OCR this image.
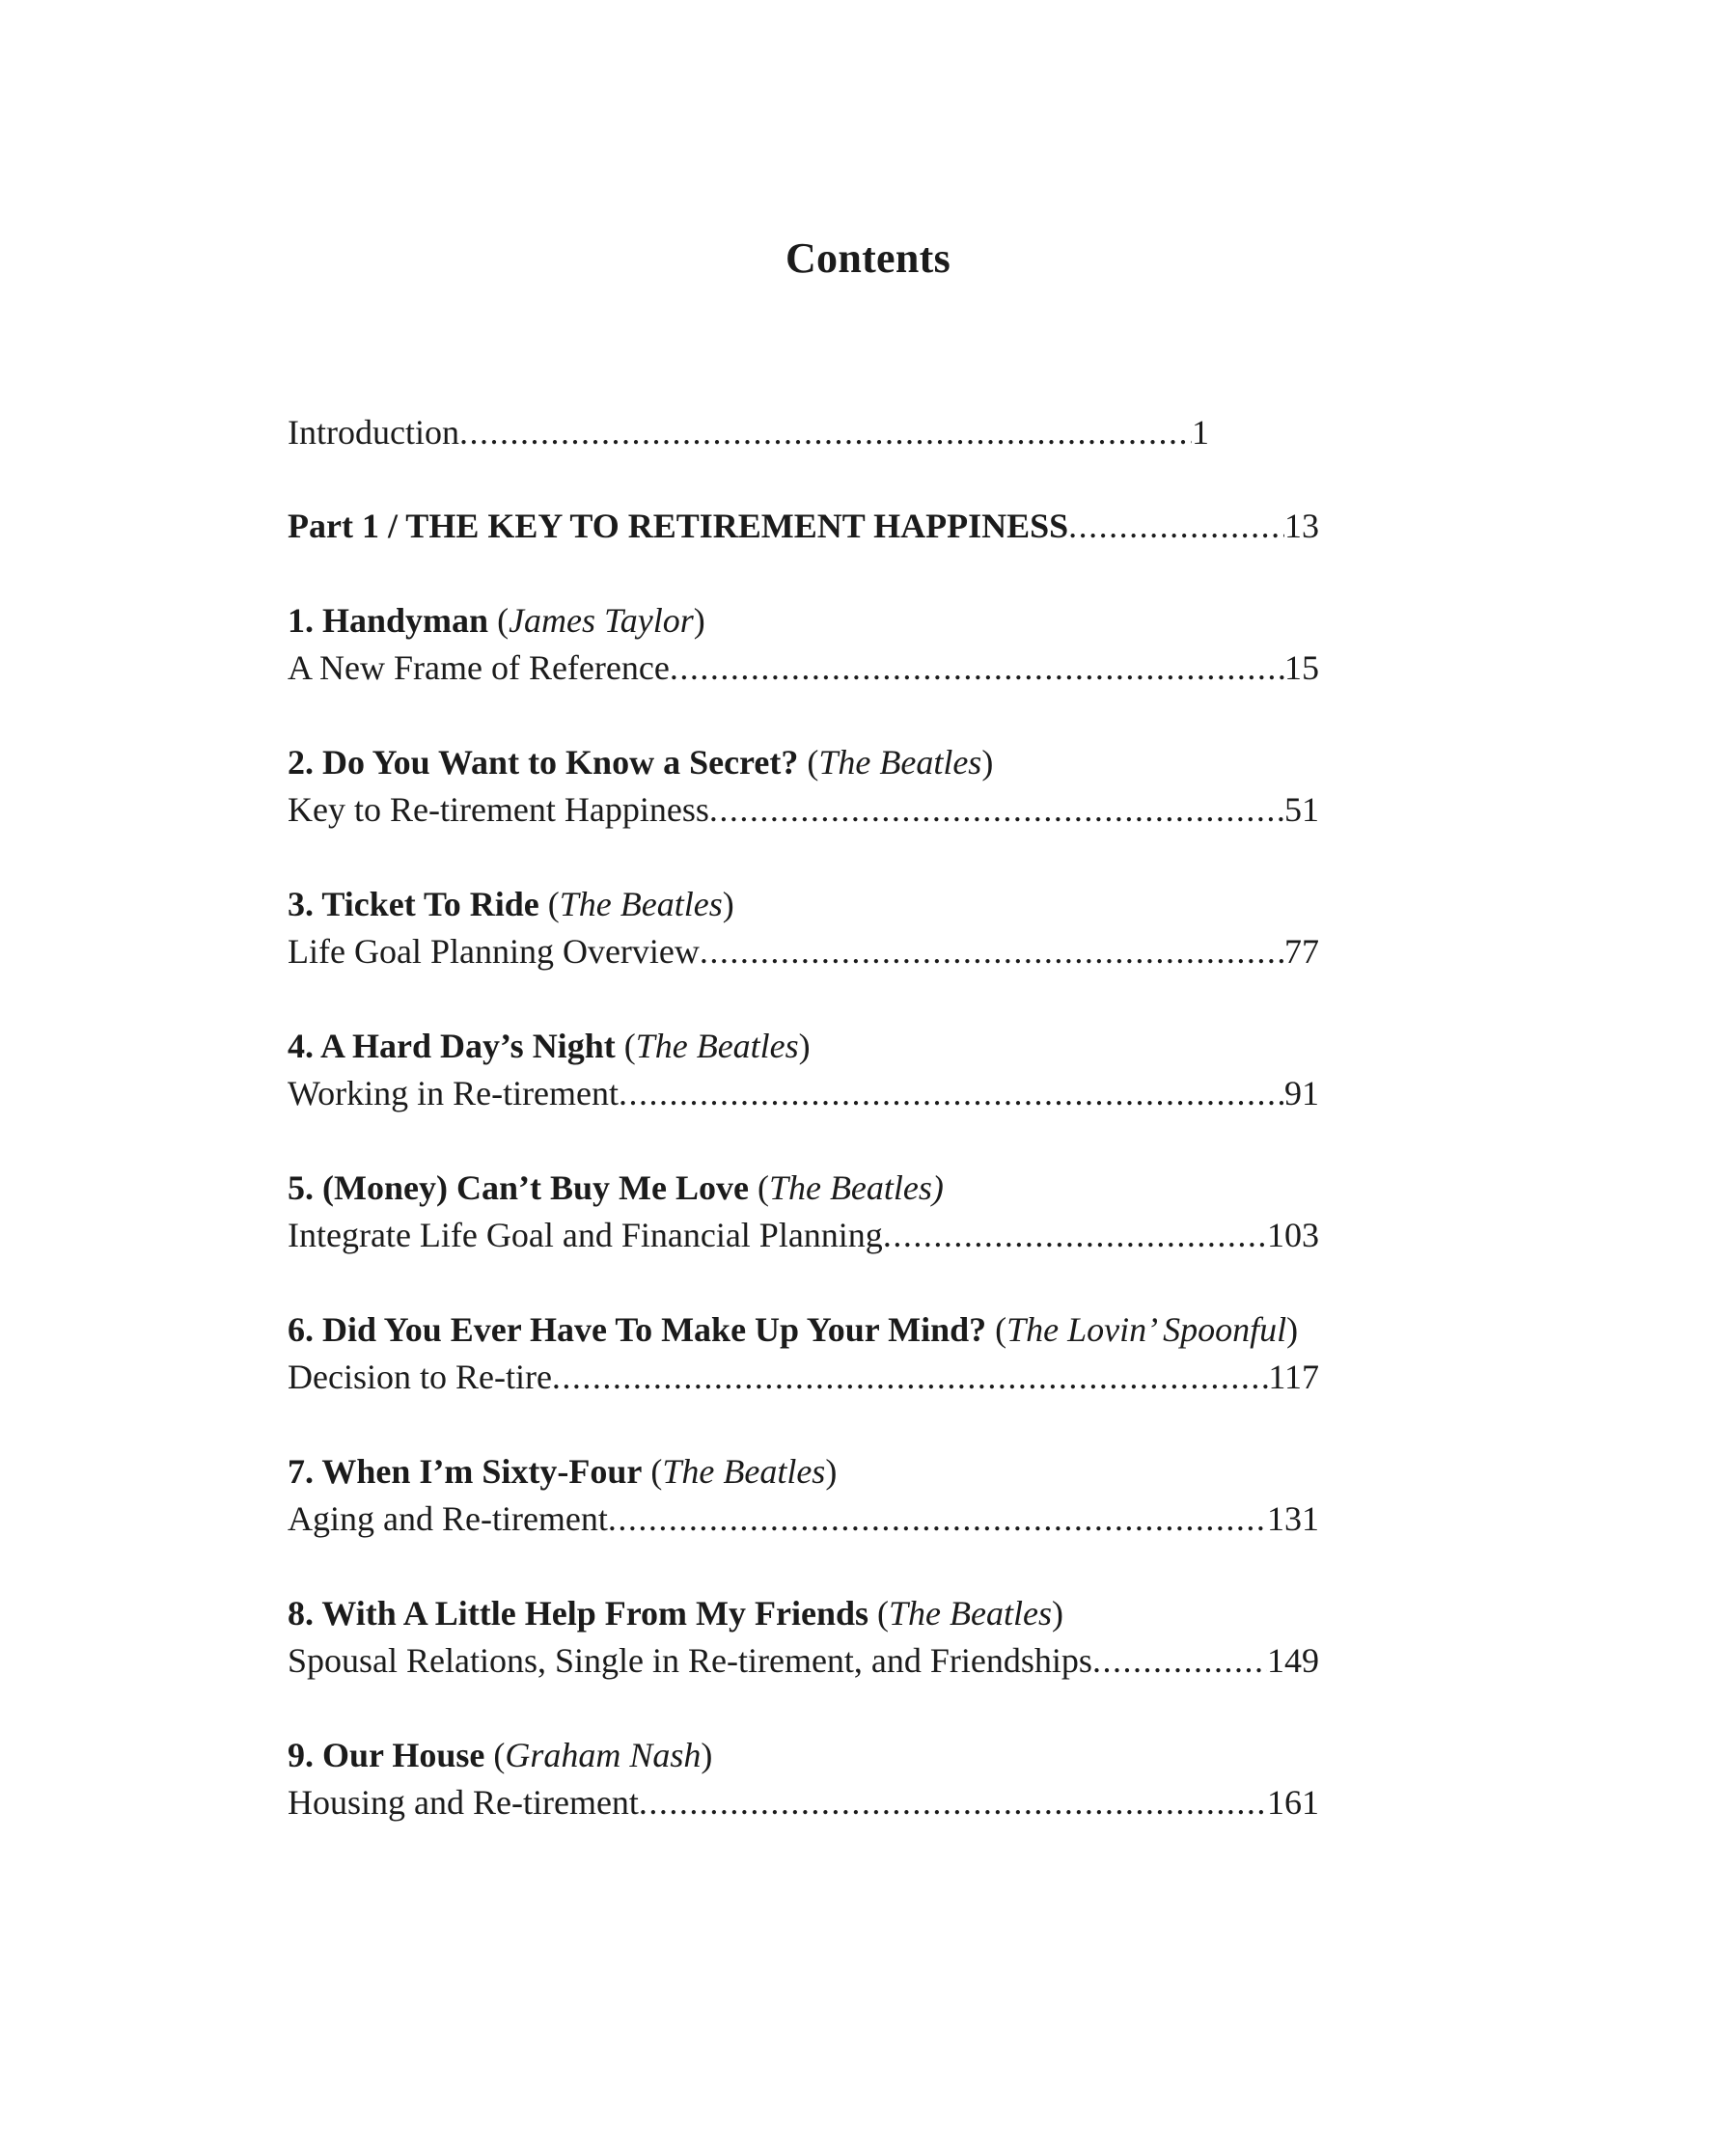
Contents
Introduction .....	1
Part 1 / THE KEY TO RETIREMENT HAPPINESS .....	13
1. Handyman (James Taylor)
A New Frame of Reference .....	15
2. Do You Want to Know a Secret? (The Beatles)
Key to Re-tirement Happiness .....	51
3. Ticket To Ride (The Beatles)
Life Goal Planning Overview .....	77
4. A Hard Day’s Night (The Beatles)
Working in Re-tirement .....	91
5. (Money) Can’t Buy Me Love (The Beatles)
Integrate Life Goal and Financial Planning .....	103
6. Did You Ever Have To Make Up Your Mind? (The Lovin’ Spoonful)
Decision to Re-tire .....	117
7. When I’m Sixty-Four (The Beatles)
Aging and Re-tirement .....	131
8. With A Little Help From My Friends (The Beatles)
Spousal Relations, Single in Re-tirement, and Friendships .....	149
9. Our House (Graham Nash)
Housing and Re-tirement .....	161
